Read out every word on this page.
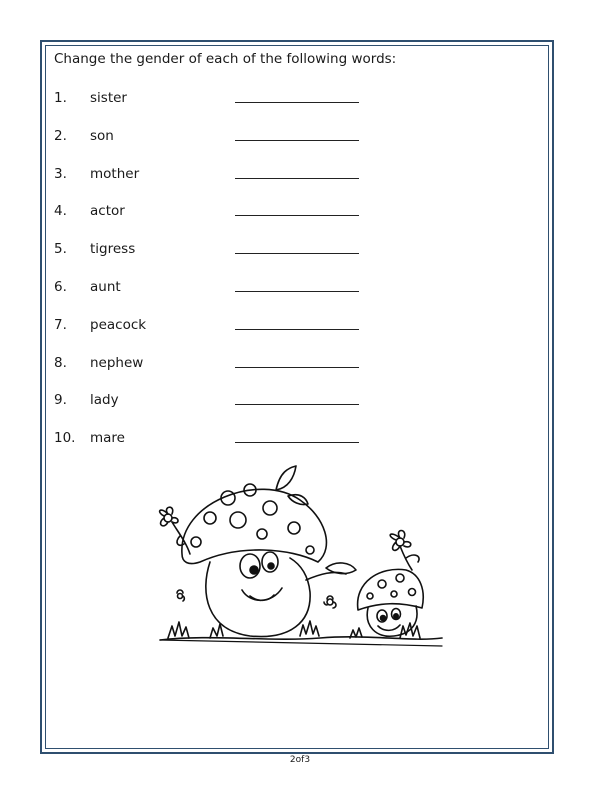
Change the gender of each of the following words:
1. sister
2. son
3. mother
4. actor
5. tigress
6. aunt
7. peacock
8. nephew
9. lady
10. mare
2of3
